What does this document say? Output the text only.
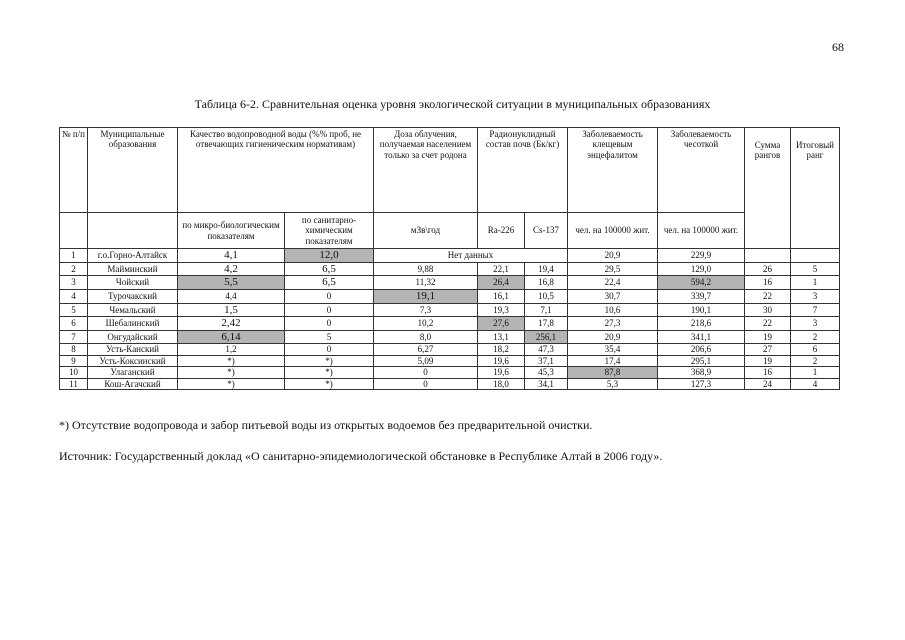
68
Таблица 6-2. Сравнительная оценка уровня экологической ситуации в муниципальных образованиях
№ п/п	Муниципальные образования	Качество водопроводной воды (%% проб, не отвечающих гигиеническим нормативам)		Доза облучения, получаемая населением только за счет родона	Радионуклидный состав почв (Бк/кг)		Заболеваемость клещевым энцефалитом	Заболеваемость чесоткой	Сумма рангов	Итоговый ранг
		по микро-биологическим показателям	по санитарно-химическим показателям	мЗв\год	Ra-226	Cs-137	чел. на 100000 жит.	чел. на 100000 жит.		
1	г.о.Горно-Алтайск	4,1	12,0	Нет данных			20,9	229,9		
2	Майминский	4,2	6,5	9,88	22,1	19,4	29,5	129,0	26	5
3	Чойский	5,5	6,5	11,32	26,4	16,8	22,4	594,2	16	1
4	Турочакский	4,4	0	19,1	16,1	10,5	30,7	339,7	22	3
5	Чемальский	1,5	0	7,3	19,3	7,1	10,6	190,1	30	7
6	Шебалинский	2,42	0	10,2	27,6	17,8	27,3	218,6	22	3
7	Онгудайский	6,14	5	8,0	13,1	256,1	20,9	341,1	19	2
8	Усть-Канский	1,2	0	6,27	18,2	47,3	35,4	206,6	27	6
9	Усть-Коксинский	*)	*)	5,09	19,6	37,1	17,4	295,1	19	2
10	Улаганский	*)	*)	0	19,6	45,3	87,8	368,9	16	1
11	Кош-Агачский	*)	*)	0	18,0	34,1	5,3	127,3	24	4
*) Отсутствие водопровода и забор питьевой воды из открытых водоемов без предварительной очистки.
Источник: Государственный доклад «О санитарно-эпидемиологической обстановке в Республике Алтай в 2006 году».
